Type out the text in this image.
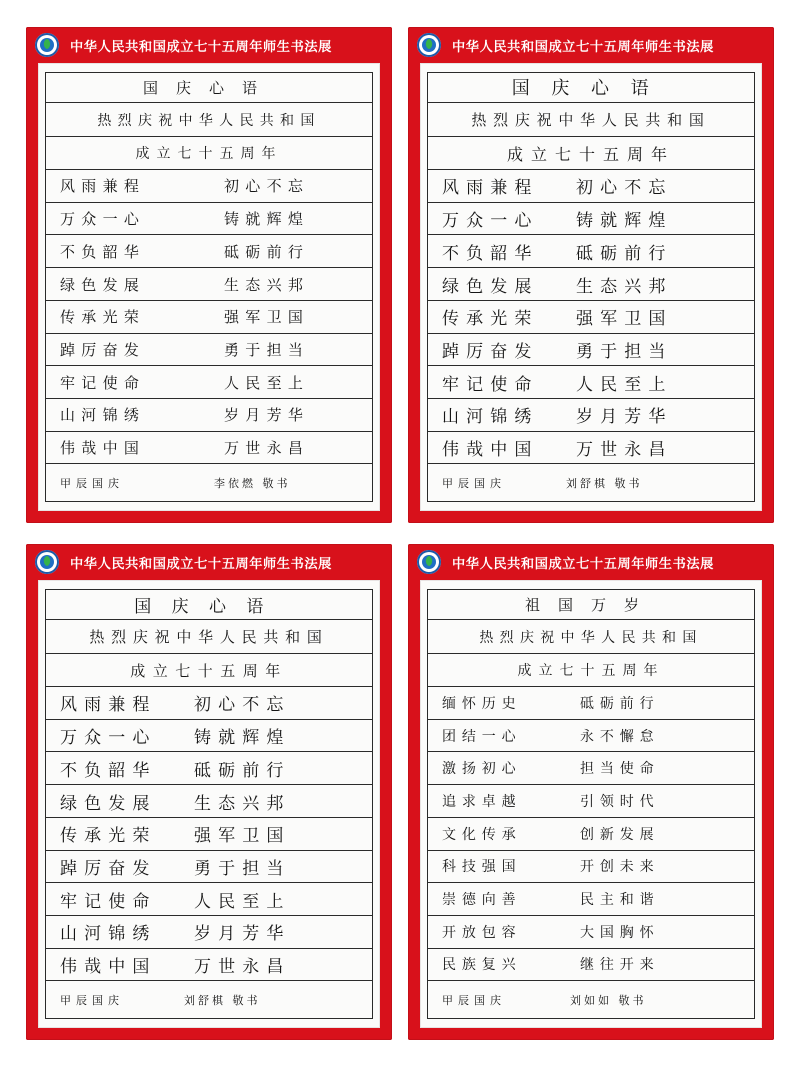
中华人民共和国成立七十五周年师生书法展
国庆心语
热烈庆祝中华人民共和国
成立七十五周年
风雨兼程	初心不忘
万众一心	铸就辉煌
不负韶华	砥砺前行
绿色发展	生态兴邦
传承光荣	强军卫国
踔厉奋发	勇于担当
牢记使命	人民至上
山河锦绣	岁月芳华
伟哉中国	万世永昌
甲辰国庆	李依燃 敬书
中华人民共和国成立七十五周年师生书法展
国庆心语
热烈庆祝中华人民共和国
成立七十五周年
风雨兼程 初心不忘
万众一心 铸就辉煌
不负韶华 砥砺前行
绿色发展 生态兴邦
传承光荣 强军卫国
踔厉奋发 勇于担当
牢记使命 人民至上
山河锦绣 岁月芳华
伟哉中国 万世永昌
甲辰国庆	刘舒棋 敬书
中华人民共和国成立七十五周年师生书法展
国庆心语
热烈庆祝中华人民共和国
成立七十五周年
风雨兼程 初心不忘
万众一心 铸就辉煌
不负韶华 砥砺前行
绿色发展 生态兴邦
传承光荣 强军卫国
踔厉奋发 勇于担当
牢记使命 人民至上
山河锦绣 岁月芳华
伟哉中国 万世永昌
甲辰国庆	刘舒棋 敬书
中华人民共和国成立七十五周年师生书法展
祖国万岁
热烈庆祝中华人民共和国
成立七十五周年
缅怀历史	砥砺前行
团结一心	永不懈怠
激扬初心	担当使命
追求卓越	引领时代
文化传承	创新发展
科技强国	开创未来
崇德向善	民主和谐
开放包容	大国胸怀
民族复兴	继往开来
甲辰国庆	刘如如 敬书
